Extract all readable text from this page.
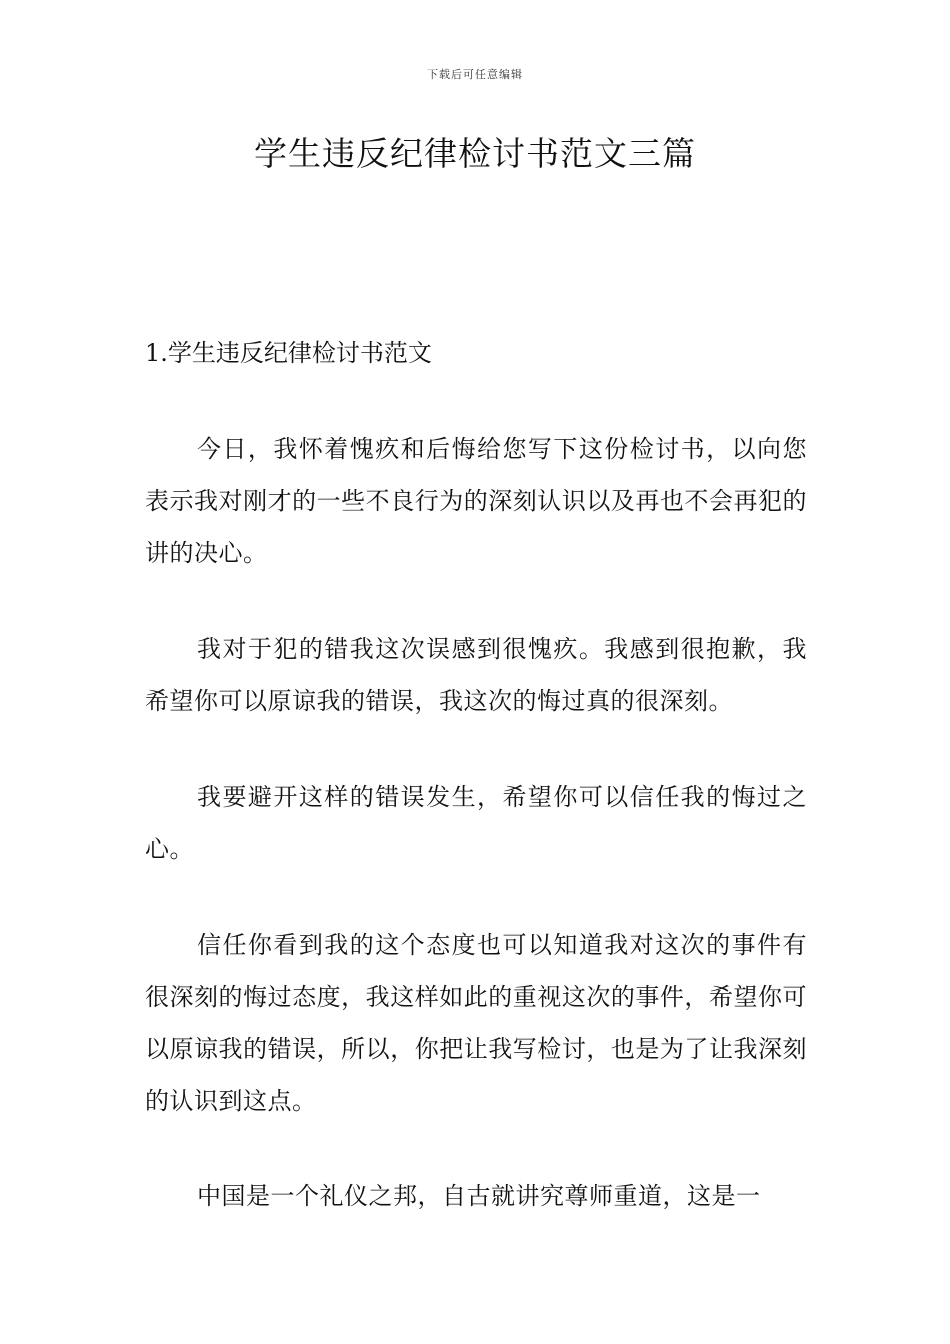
下载后可任意编辑
学生违反纪律检讨书范文三篇
1.学生违反纪律检讨书范文

今日，我怀着愧疚和后悔给您写下这份检讨书，以向您表示我对刚才的一些不良行为的深刻认识以及再也不会再犯的讲的决心。

我对于犯的错我这次误感到很愧疚。我感到很抱歉，我希望你可以原谅我的错误，我这次的悔过真的很深刻。

我要避开这样的错误发生，希望你可以信任我的悔过之心。

信任你看到我的这个态度也可以知道我对这次的事件有很深刻的悔过态度，我这样如此的重视这次的事件，希望你可以原谅我的错误，所以，你把让我写检讨，也是为了让我深刻的认识到这点。

中国是一个礼仪之邦，自古就讲究尊师重道，这是一
